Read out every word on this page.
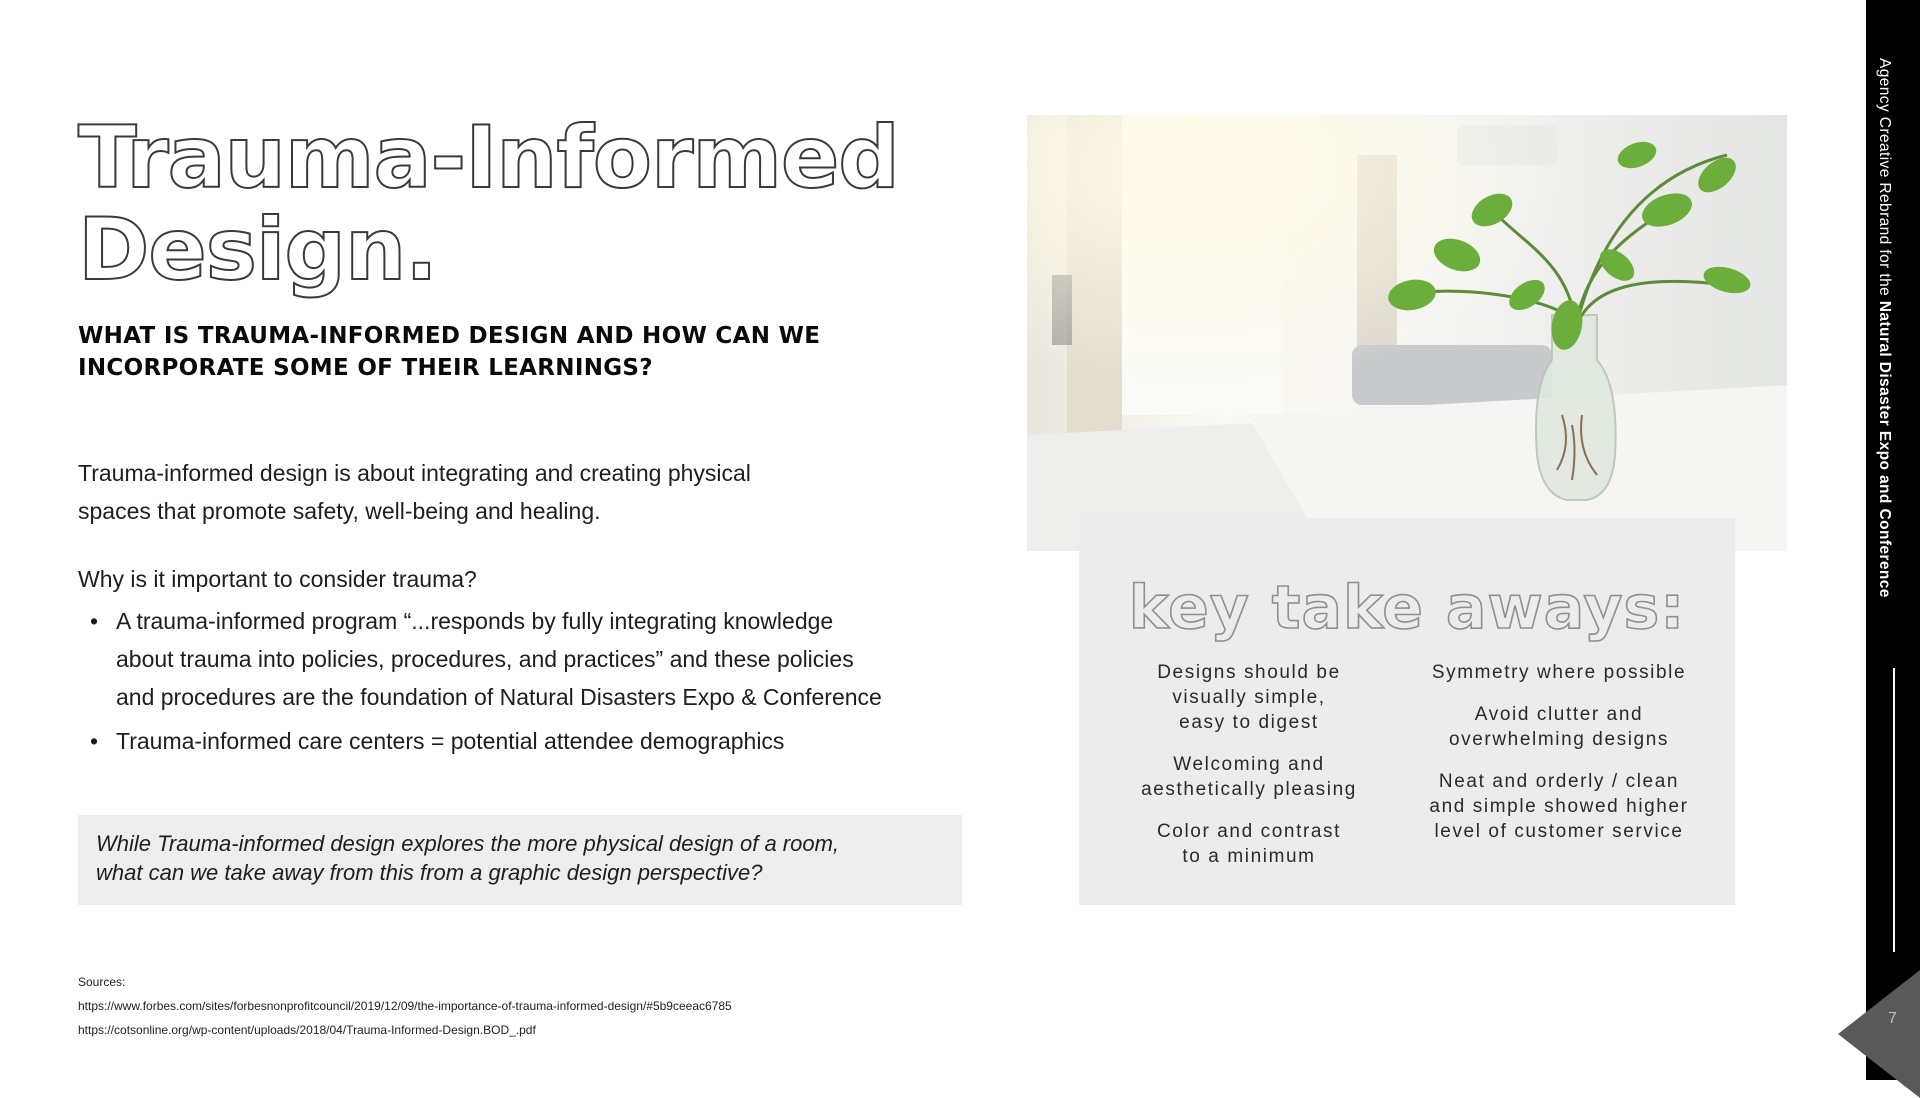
Trauma-Informed
Design.
WHAT IS TRAUMA-INFORMED DESIGN AND HOW CAN WE
INCORPORATE SOME OF THEIR LEARNINGS?

Trauma-informed design is about integrating and creating physical
spaces that promote safety, well-being and healing.

Why is it important to consider trauma?

• A trauma-informed program “...responds by fully integrating knowledge
about trauma into policies, procedures, and practices” and these policies
and procedures are the foundation of Natural Disasters Expo & Conference
• Trauma-informed care centers = potential attendee demographics

While Trauma-informed design explores the more physical design of a room,
what can we take away from this from a graphic design perspective?

Sources:
https://www.forbes.com/sites/forbesnonprofitcouncil/2019/12/09/the-importance-of-trauma-informed-design/#5b9ceeac6785
https://cotsonline.org/wp-content/uploads/2018/04/Trauma-Informed-Design.BOD_.pdf
key take aways:

Designs should be
visually simple,
easy to digest

Welcoming and
aesthetically pleasing

Color and contrast
to a minimum

Symmetry where possible

Avoid clutter and
overwhelming designs

Neat and orderly / clean
and simple showed higher
level of customer service

Agency Creative Rebrand for the Natural Disaster Expo and Conference
7
